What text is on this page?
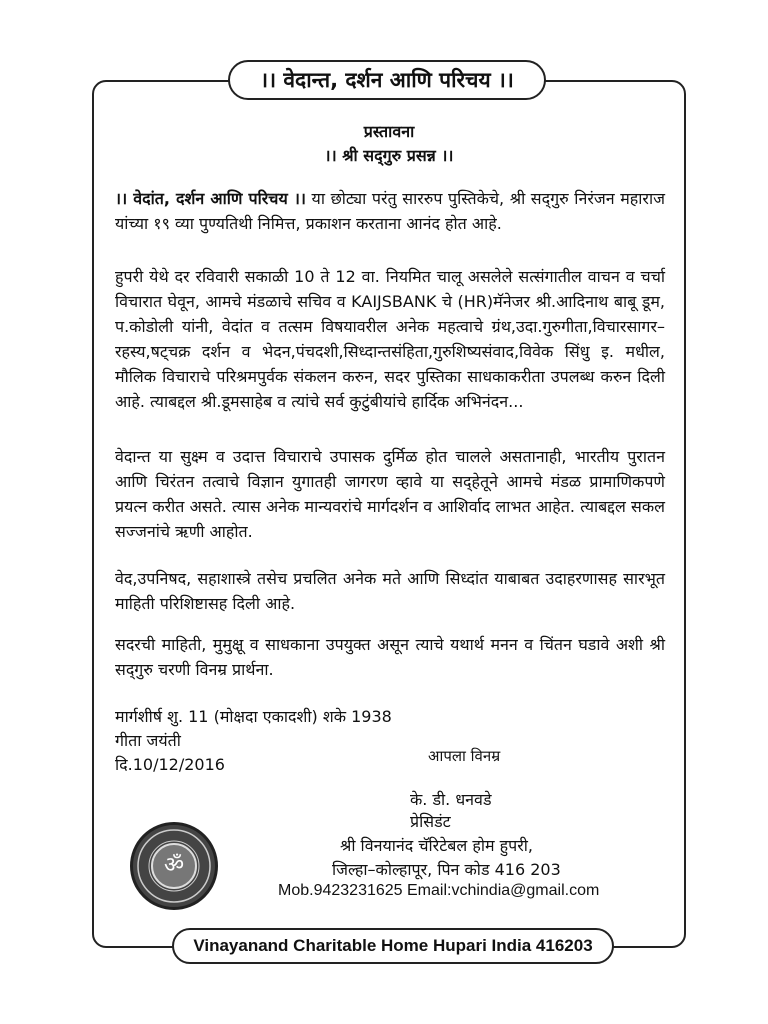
।। वेदान्त, दर्शन आणि परिचय ।।
प्रस्तावना
।। श्री सद्‌गुरु प्रसन्न ।।
।। वेदांत, दर्शन आणि परिचय ।। या छोट्या परंतु साररुप पुस्तिकेचे, श्री सद्‌गुरु निरंजन महाराज यांच्या १९ व्या पुण्यतिथी निमित्त, प्रकाशन करताना आनंद होत आहे.
हुपरी येथे दर रविवारी सकाळी 10 ते 12 वा. नियमित चालू असलेले सत्संगातील वाचन व चर्चा विचारात घेवून, आमचे मंडळाचे सचिव व KAIJSBANK चे (HR)मॅनेजर श्री.आदिनाथ बाबू डूम, प.कोडोली यांनी, वेदांत व तत्सम विषयावरील अनेक महत्वाचे ग्रंथ,उदा.गुरुगीता,विचारसागर–रहस्य,षट्चक्र दर्शन व भेदन,पंचदशी,सिध्दान्तसंहिता,गुरुशिष्यसंवाद,विवेक सिंधु इ. मधील, मौलिक विचाराचे परिश्रमपुर्वक संकलन करुन, सदर पुस्तिका साधकाकरीता उपलब्ध करुन दिली आहे. त्याबद्दल श्री.डूमसाहेब व त्यांचे सर्व कुटुंबीयांचे हार्दिक अभिनंदन...
वेदान्त या सुक्ष्म व उदात्त विचाराचे उपासक दुर्मिळ होत चालले असतानाही, भारतीय पुरातन आणि चिरंतन तत्वाचे विज्ञान युगातही जागरण व्हावे या सद्हेतूने आमचे मंडळ प्रामाणिकपणे प्रयत्न करीत असते. त्यास अनेक मान्यवरांचे मार्गदर्शन व आशिर्वाद लाभत आहेत. त्याबद्दल सकल सज्जनांचे ऋणी आहोत.
वेद,उपनिषद, सहाशास्त्रे तसेच प्रचलित अनेक मते आणि सिध्दांत याबाबत उदाहरणासह सारभूत माहिती परिशिष्टासह दिली आहे.
सदरची माहिती, मुमुक्षू व साधकाना उपयुक्त असून त्याचे यथार्थ मनन व चिंतन घडावे अशी श्री सद्‌गुरु चरणी विनम्र प्रार्थना.
मार्गशीर्ष शु. 11 (मोक्षदा एकादशी) शके 1938
गीता जयंती
दि.10/12/2016	आपला विनम्र
के. डी. धनवडे
प्रेसिडंट
श्री विनयानंद चॅरिटेबल होम हुपरी,
जिल्हा–कोल्हापूर, पिन कोड 416 203
Mob.9423231625 Email:vchindia@gmail.com
ॐ
Vinayanand Charitable Home Hupari India 416203
